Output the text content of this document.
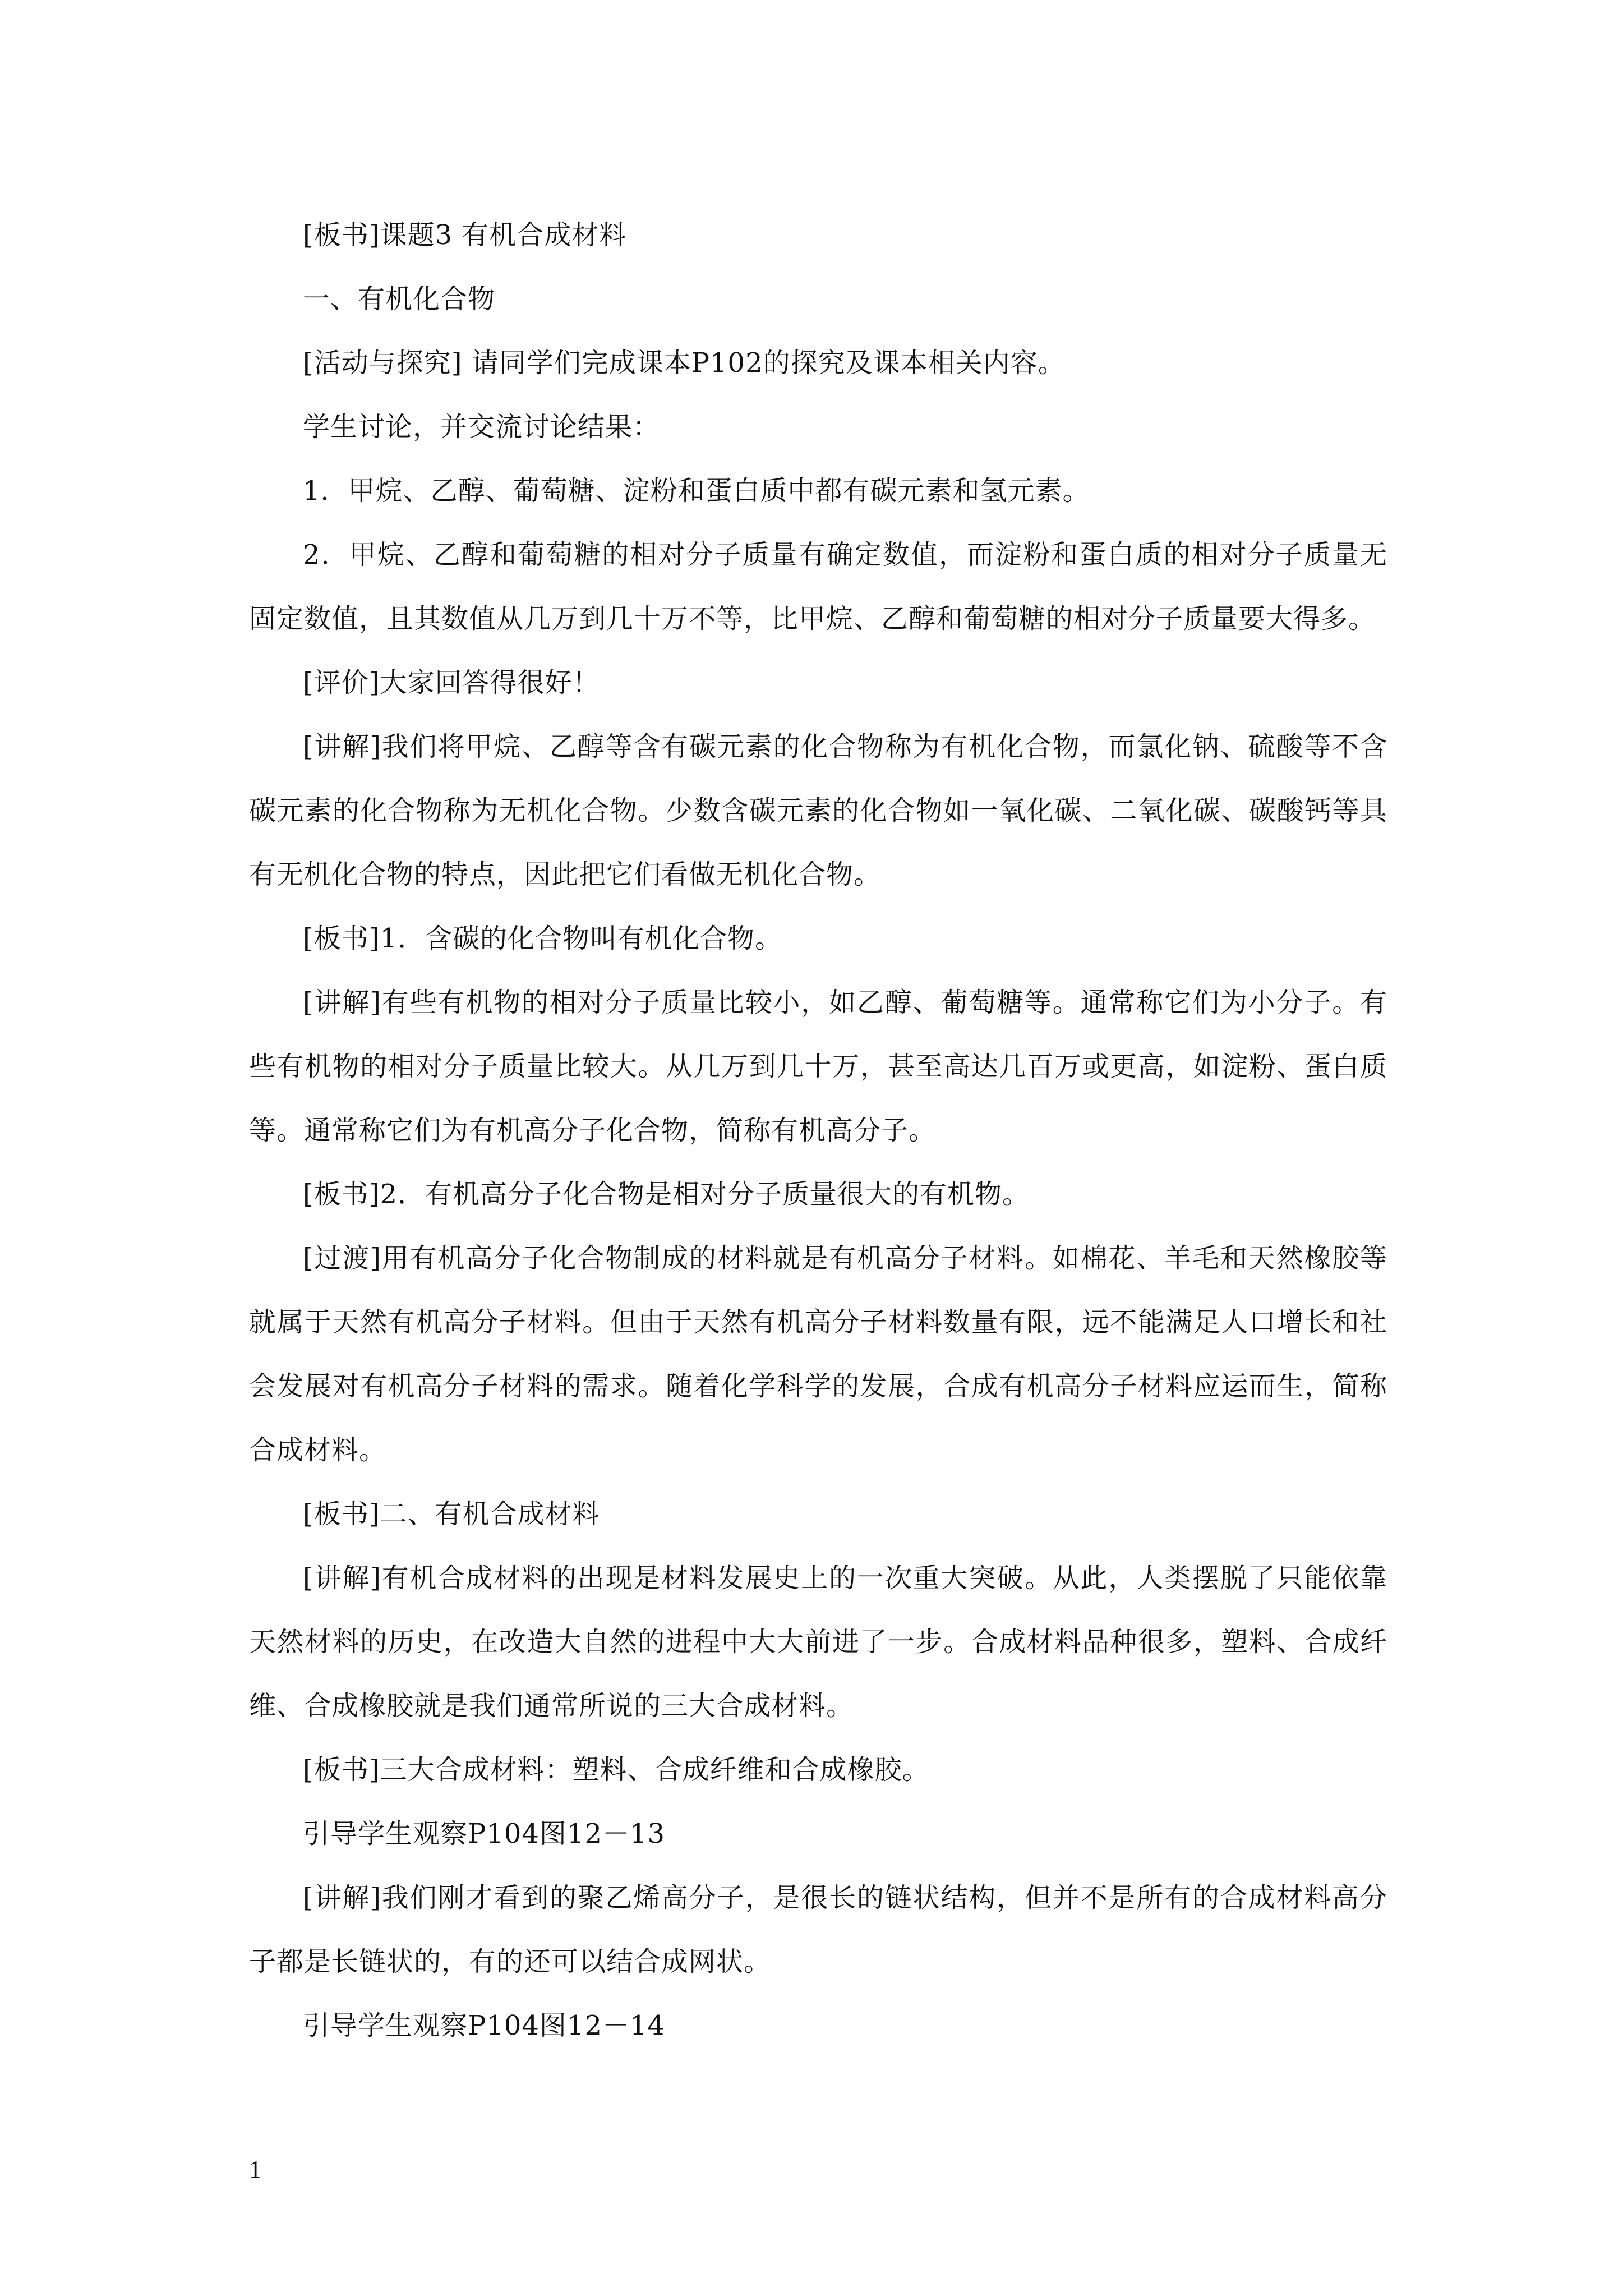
[板书]课题3 有机合成材料

一、有机化合物

[活动与探究] 请同学们完成课本P102的探究及课本相关内容。

学生讨论，并交流讨论结果：

1．甲烷、乙醇、葡萄糖、淀粉和蛋白质中都有碳元素和氢元素。

2．甲烷、乙醇和葡萄糖的相对分子质量有确定数值，而淀粉和蛋白质的相对分子质量无固定数值，且其数值从几万到几十万不等，比甲烷、乙醇和葡萄糖的相对分子质量要大得多。

[评价]大家回答得很好！

[讲解]我们将甲烷、乙醇等含有碳元素的化合物称为有机化合物，而氯化钠、硫酸等不含碳元素的化合物称为无机化合物。少数含碳元素的化合物如一氧化碳、二氧化碳、碳酸钙等具有无机化合物的特点，因此把它们看做无机化合物。

[板书]1．含碳的化合物叫有机化合物。

[讲解]有些有机物的相对分子质量比较小，如乙醇、葡萄糖等。通常称它们为小分子。有些有机物的相对分子质量比较大。从几万到几十万，甚至高达几百万或更高，如淀粉、蛋白质等。通常称它们为有机高分子化合物，简称有机高分子。

[板书]2．有机高分子化合物是相对分子质量很大的有机物。

[过渡]用有机高分子化合物制成的材料就是有机高分子材料。如棉花、羊毛和天然橡胶等就属于天然有机高分子材料。但由于天然有机高分子材料数量有限，远不能满足人口增长和社会发展对有机高分子材料的需求。随着化学科学的发展，合成有机高分子材料应运而生，简称合成材料。

[板书]二、有机合成材料

[讲解]有机合成材料的出现是材料发展史上的一次重大突破。从此，人类摆脱了只能依靠天然材料的历史，在改造大自然的进程中大大前进了一步。合成材料品种很多，塑料、合成纤维、合成橡胶就是我们通常所说的三大合成材料。

[板书]三大合成材料：塑料、合成纤维和合成橡胶。

引导学生观察P104图12－13

[讲解]我们刚才看到的聚乙烯高分子，是很长的链状结构，但并不是所有的合成材料高分子都是长链状的，有的还可以结合成网状。

引导学生观察P104图12－14

1
